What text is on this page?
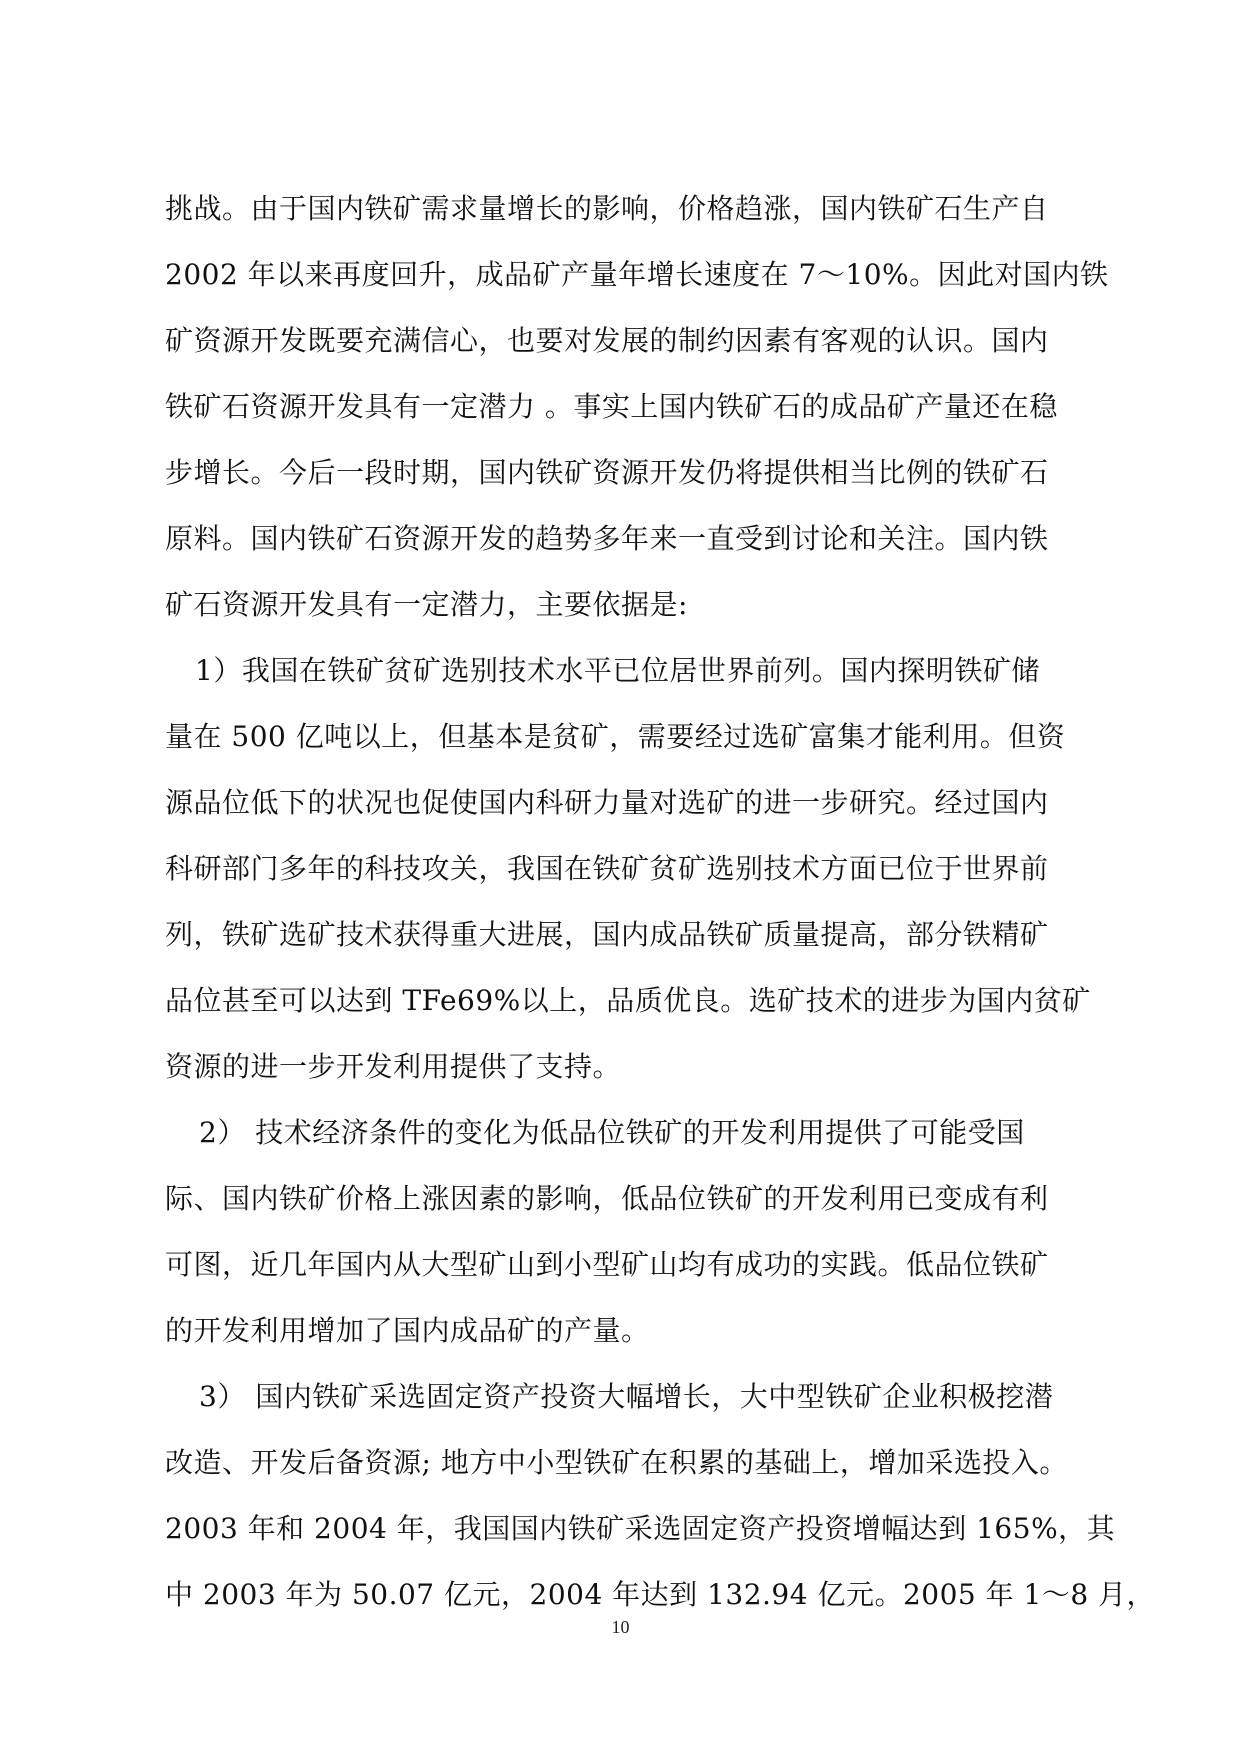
挑战。由于国内铁矿需求量增长的影响，价格趋涨，国内铁矿石生产自
2002 年以来再度回升，成品矿产量年增长速度在 7～10%。因此对国内铁
矿资源开发既要充满信心，也要对发展的制约因素有客观的认识。国内
铁矿石资源开发具有一定潜力 。事实上国内铁矿石的成品矿产量还在稳
步增长。今后一段时期，国内铁矿资源开发仍将提供相当比例的铁矿石
原料。国内铁矿石资源开发的趋势多年来一直受到讨论和关注。国内铁
矿石资源开发具有一定潜力，主要依据是:
1）我国在铁矿贫矿选别技术水平已位居世界前列。国内探明铁矿储
量在 500 亿吨以上，但基本是贫矿，需要经过选矿富集才能利用。但资
源品位低下的状况也促使国内科研力量对选矿的进一步研究。经过国内
科研部门多年的科技攻关，我国在铁矿贫矿选别技术方面已位于世界前
列，铁矿选矿技术获得重大进展，国内成品铁矿质量提高，部分铁精矿
品位甚至可以达到 TFe69%以上，品质优良。选矿技术的进步为国内贫矿
资源的进一步开发利用提供了支持。
2） 技术经济条件的变化为低品位铁矿的开发利用提供了可能受国
际、国内铁矿价格上涨因素的影响，低品位铁矿的开发利用已变成有利
可图，近几年国内从大型矿山到小型矿山均有成功的实践。低品位铁矿
的开发利用增加了国内成品矿的产量。
3） 国内铁矿采选固定资产投资大幅增长，大中型铁矿企业积极挖潜
改造、开发后备资源; 地方中小型铁矿在积累的基础上，增加采选投入。
2003 年和 2004 年，我国国内铁矿采选固定资产投资增幅达到 165%，其
中 2003 年为 50.07 亿元，2004 年达到 132.94 亿元。2005 年 1～8 月，
10
